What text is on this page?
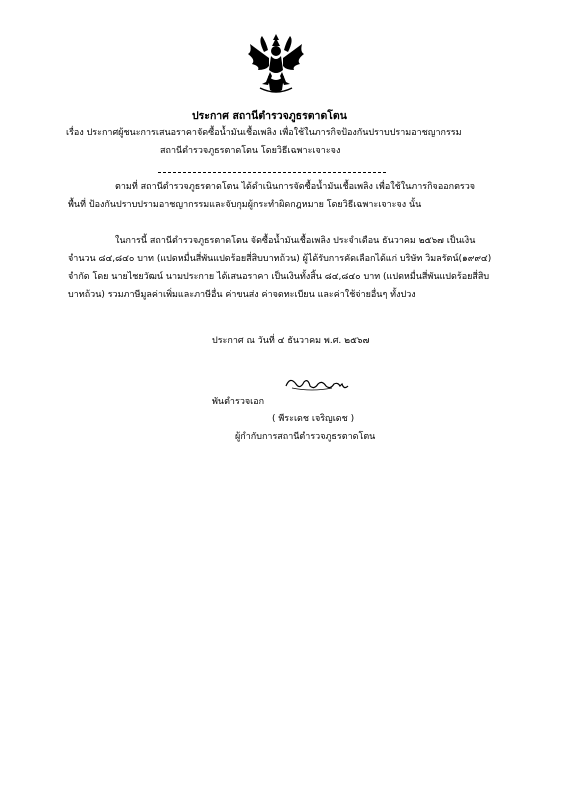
ประกาศ สถานีตำรวจภูธรตาดโตน
เรื่อง ประกาศผู้ชนะการเสนอราคาจัดซื้อน้ำมันเชื้อเพลิง เพื่อใช้ในภารกิจป้องกันปราบปรามอาชญากรรม
สถานีตำรวจภูธรตาดโตน โดยวิธีเฉพาะเจาะจง
ตามที่ สถานีตำรวจภูธรตาดโตน ได้ดำเนินการจัดซื้อน้ำมันเชื้อเพลิง เพื่อใช้ในภารกิจออกตรวจ
พื้นที่ ป้องกันปราบปรามอาชญากรรมและจับกุมผู้กระทำผิดกฎหมาย โดยวิธีเฉพาะเจาะจง นั้น
ในการนี้ สถานีตำรวจภูธรตาดโตน จัดซื้อน้ำมันเชื้อเพลิง ประจำเดือน ธันวาคม ๒๕๖๗ เป็นเงิน
จำนวน ๘๔,๘๔๐ บาท (แปดหมื่นสี่พันแปดร้อยสี่สิบบาทถ้วน) ผู้ได้รับการคัดเลือกได้แก่ บริษัท วิมลรัตน์(๑๙๙๔)
จำกัด โดย นายไชยวัฒน์ นามประกาย ได้เสนอราคา เป็นเงินทั้งสิ้น ๘๔,๘๔๐ บาท (แปดหมื่นสี่พันแปดร้อยสี่สิบ
บาทถ้วน) รวมภาษีมูลค่าเพิ่มและภาษีอื่น ค่าขนส่ง ค่าจดทะเบียน และค่าใช้จ่ายอื่นๆ ทั้งปวง
ประกาศ ณ วันที่ ๔ ธันวาคม พ.ศ. ๒๕๖๗
พันตำรวจเอก
( พีระเดช เจริญเดช )
ผู้กำกับการสถานีตำรวจภูธรตาดโตน
